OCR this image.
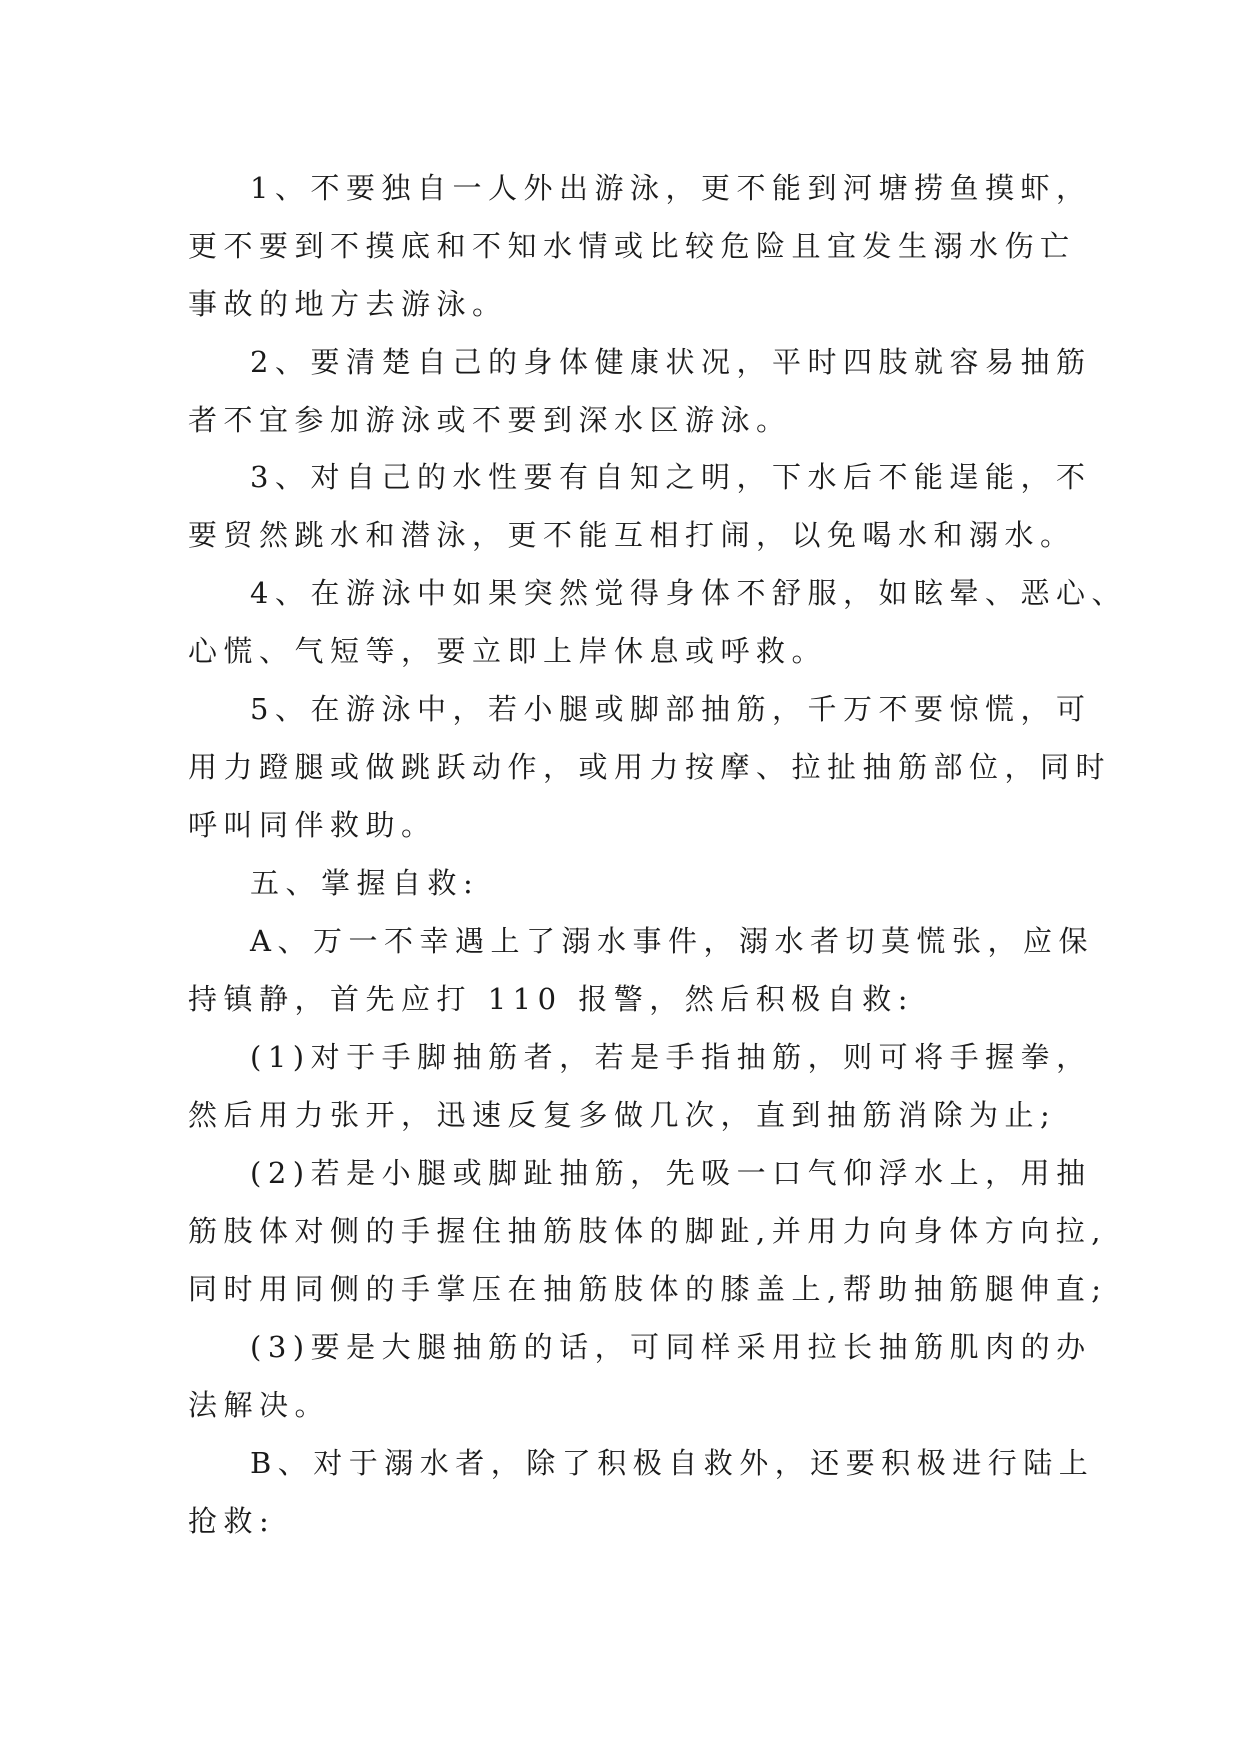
1、不要独自一人外出游泳，更不能到河塘捞鱼摸虾，
更不要到不摸底和不知水情或比较危险且宜发生溺水伤亡
事故的地方去游泳。
2、要清楚自己的身体健康状况，平时四肢就容易抽筋
者不宜参加游泳或不要到深水区游泳。
3、对自己的水性要有自知之明，下水后不能逞能，不
要贸然跳水和潜泳，更不能互相打闹，以免喝水和溺水。
4、在游泳中如果突然觉得身体不舒服，如眩晕、恶心、
心慌、气短等，要立即上岸休息或呼救。
5、在游泳中，若小腿或脚部抽筋，千万不要惊慌，可
用力蹬腿或做跳跃动作，或用力按摩、拉扯抽筋部位，同时
呼叫同伴救助。
五、掌握自救:
A、万一不幸遇上了溺水事件，溺水者切莫慌张，应保
持镇静，首先应打 110 报警，然后积极自救:
(1)对于手脚抽筋者，若是手指抽筋，则可将手握拳，
然后用力张开，迅速反复多做几次，直到抽筋消除为止;
(2)若是小腿或脚趾抽筋，先吸一口气仰浮水上，用抽
筋肢体对侧的手握住抽筋肢体的脚趾,并用力向身体方向拉,
同时用同侧的手掌压在抽筋肢体的膝盖上,帮助抽筋腿伸直;
(3)要是大腿抽筋的话，可同样采用拉长抽筋肌肉的办
法解决。
B、对于溺水者，除了积极自救外，还要积极进行陆上
抢救:
